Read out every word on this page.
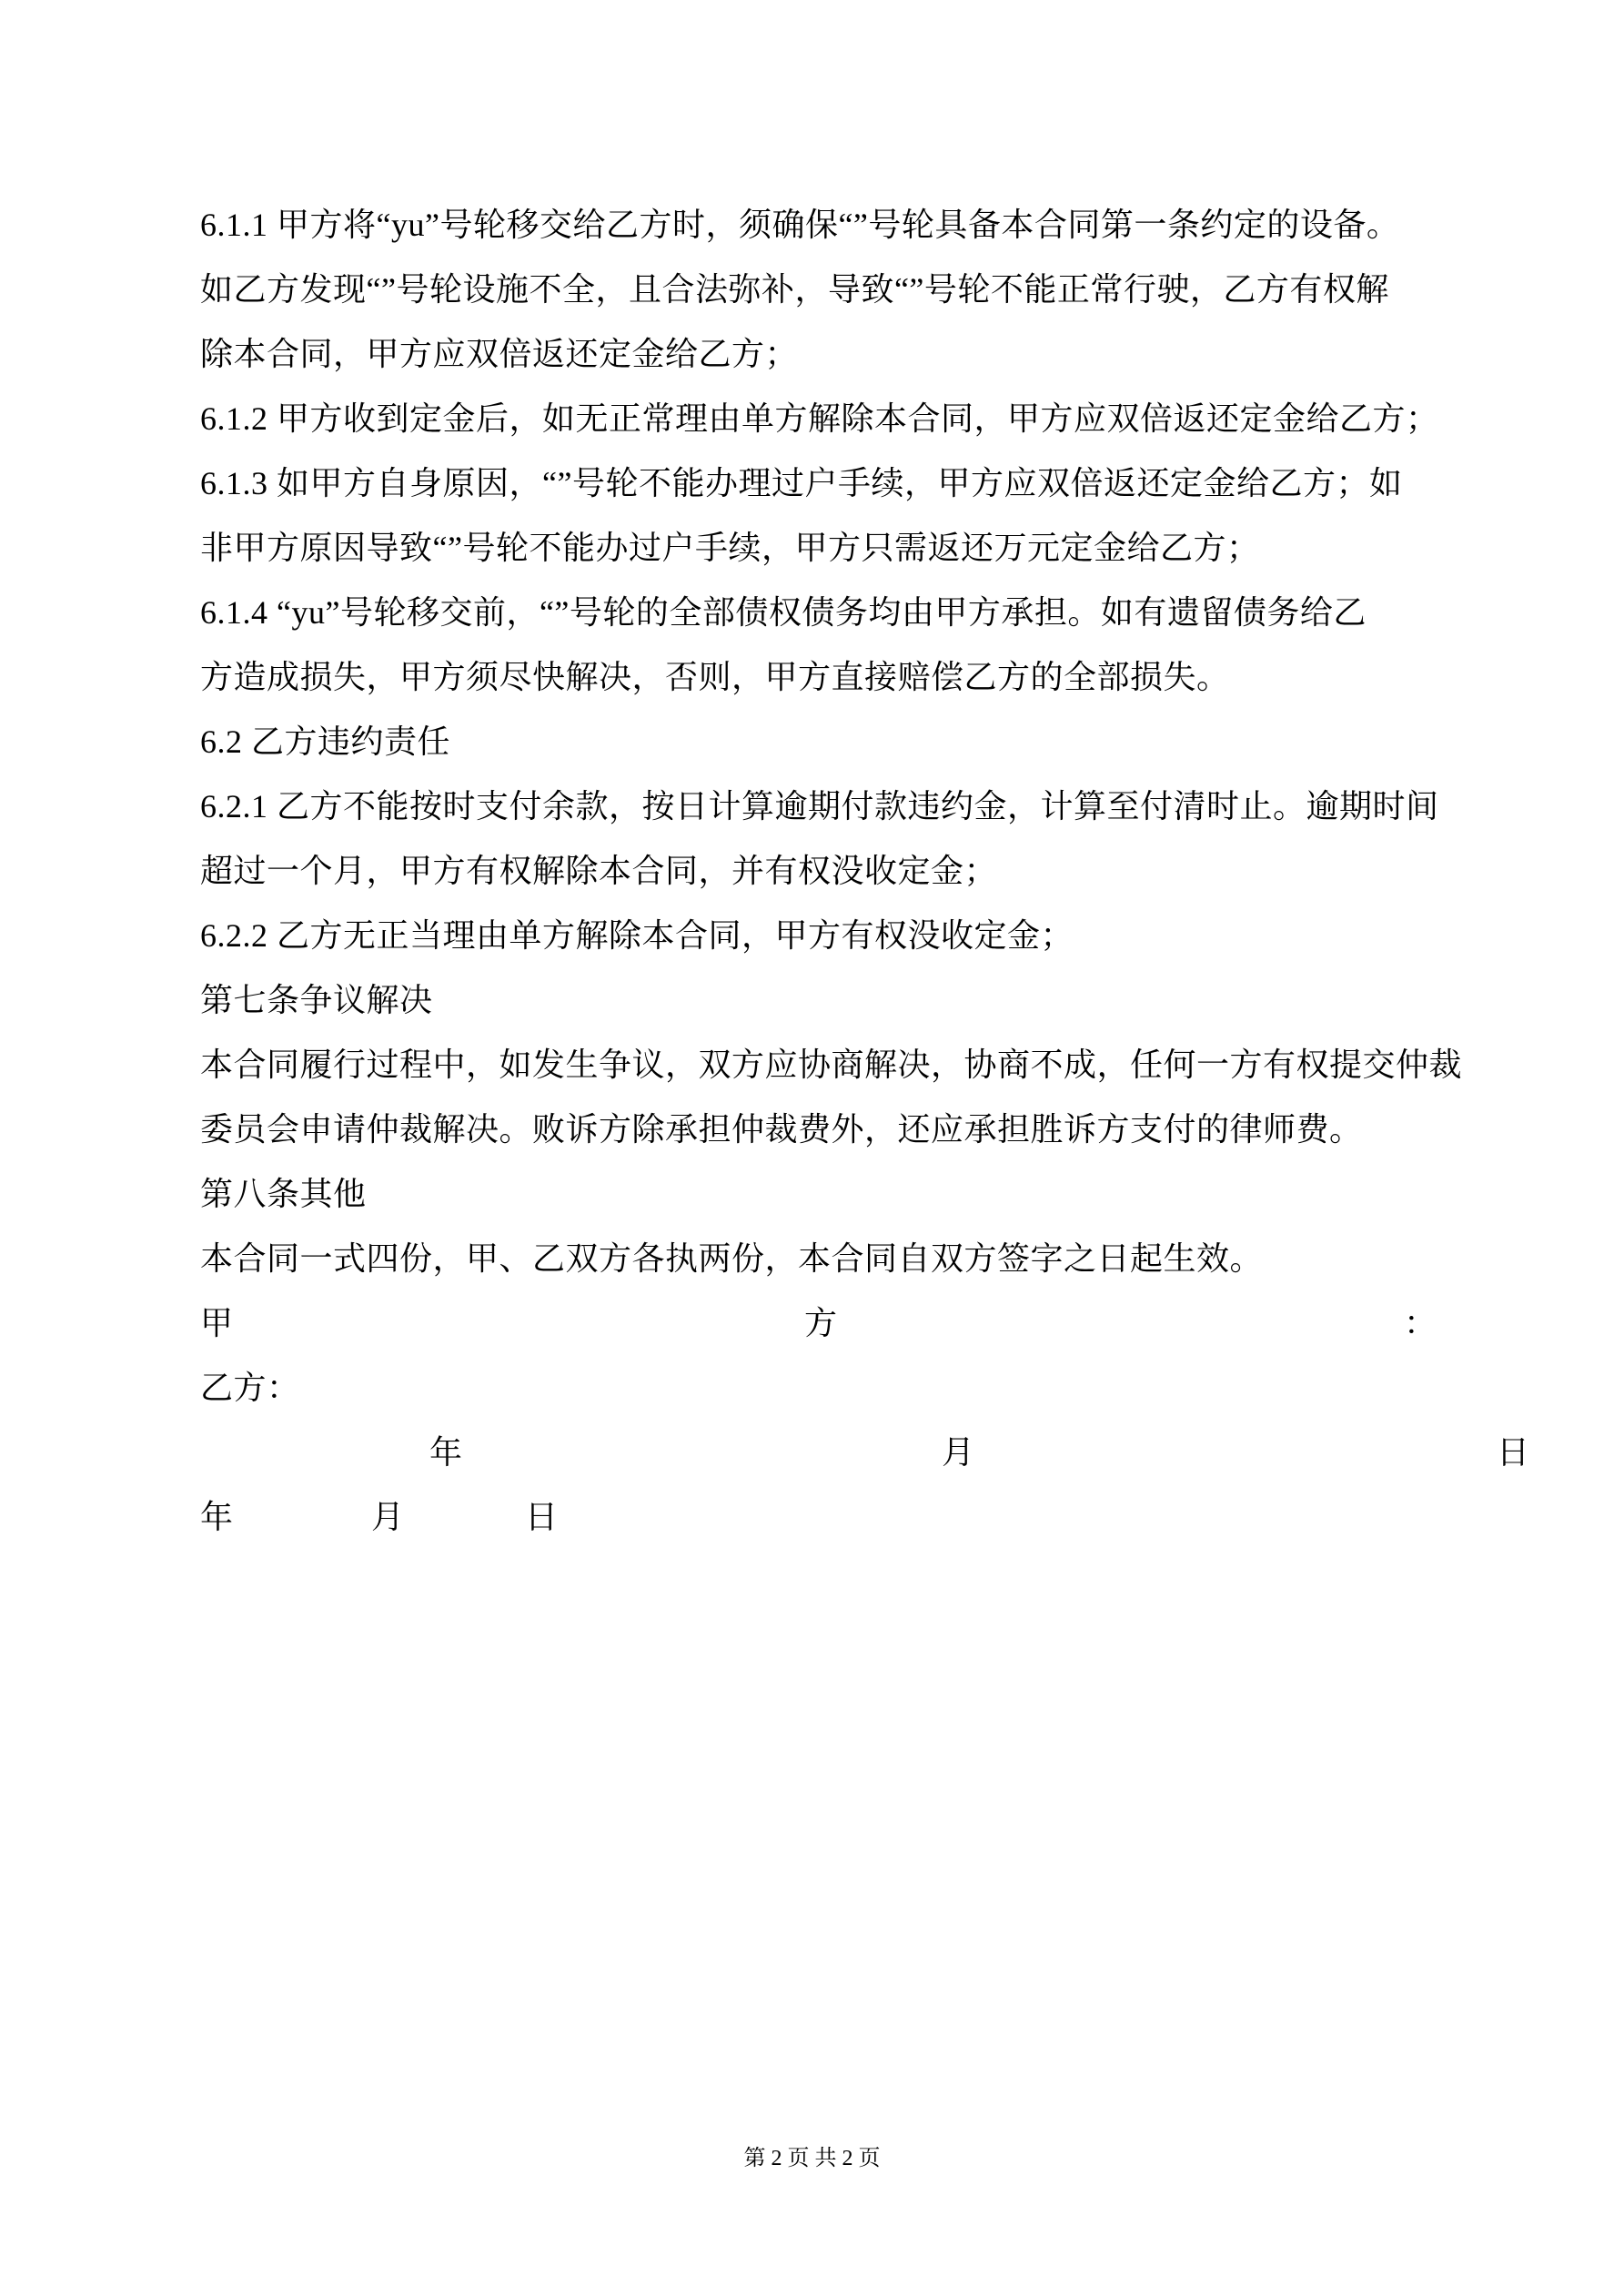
6.1.1 甲方将“yu”号轮移交给乙方时，须确保“”号轮具备本合同第一条约定的设备。
如乙方发现“”号轮设施不全，且合法弥补，导致“”号轮不能正常行驶，乙方有权解
除本合同，甲方应双倍返还定金给乙方；
6.1.2 甲方收到定金后，如无正常理由单方解除本合同，甲方应双倍返还定金给乙方；
6.1.3 如甲方自身原因，“”号轮不能办理过户手续，甲方应双倍返还定金给乙方；如
非甲方原因导致“”号轮不能办过户手续，甲方只需返还万元定金给乙方；
6.1.4 “yu”号轮移交前，“”号轮的全部债权债务均由甲方承担。如有遗留债务给乙
方造成损失，甲方须尽快解决，否则，甲方直接赔偿乙方的全部损失。
6.2 乙方违约责任
6.2.1 乙方不能按时支付余款，按日计算逾期付款违约金，计算至付清时止。逾期时间
超过一个月，甲方有权解除本合同，并有权没收定金；
6.2.2 乙方无正当理由单方解除本合同，甲方有权没收定金；
第七条争议解决
本合同履行过程中，如发生争议，双方应协商解决，协商不成，任何一方有权提交仲裁
委员会申请仲裁解决。败诉方除承担仲裁费外，还应承担胜诉方支付的律师费。
第八条其他
本合同一式四份，甲、乙双方各执两份，本合同自双方签字之日起生效。

甲

	方

	：

乙方：

年

	月

	日

年

	月

	日

第 2 页 共 2 页
